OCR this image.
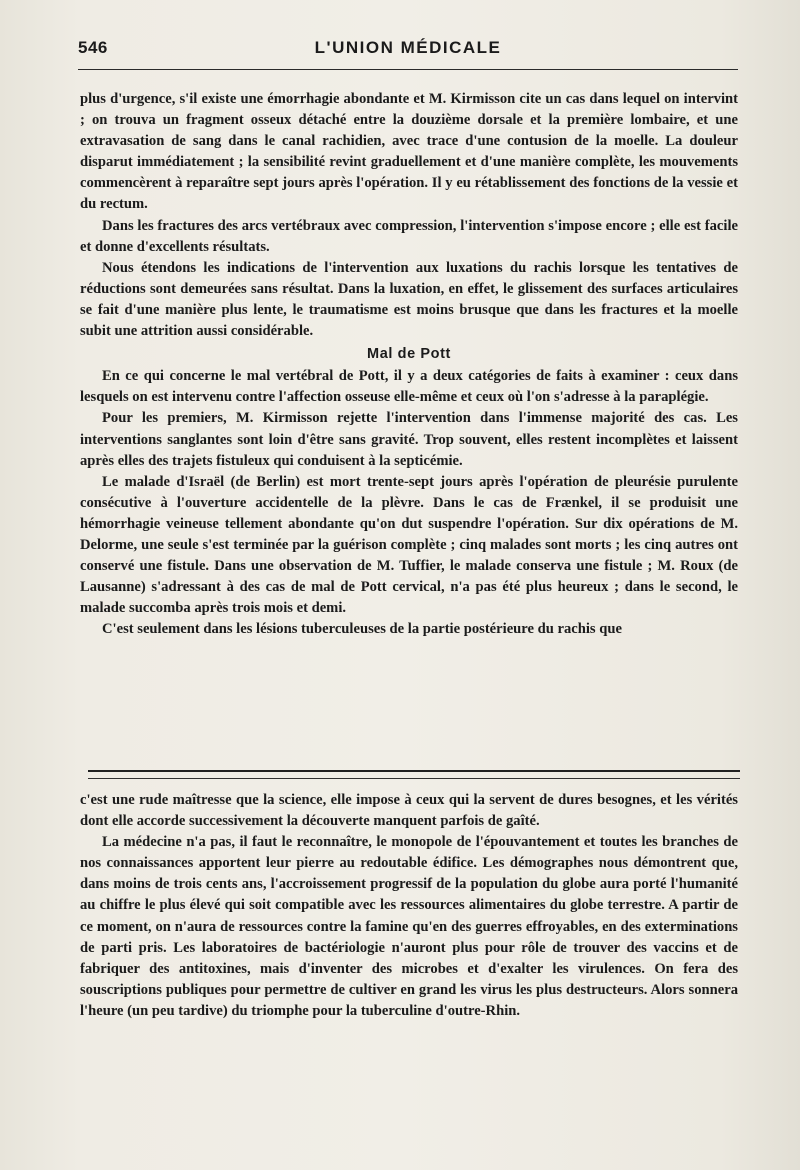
546	L'UNION MÉDICALE

plus d'urgence, s'il existe une émorrhagie abondante et M. Kirmisson cite un cas dans lequel on intervint ; on trouva un fragment osseux détaché entre la douzième dorsale et la première lombaire, et une extravasation de sang dans le canal rachidien, avec trace d'une contusion de la moelle. La douleur disparut immédiatement ; la sensibilité revint graduellement et d'une manière complète, les mouvements commencèrent à reparaître sept jours après l'opération. Il y eu rétablissement des fonctions de la vessie et du rectum.

Dans les fractures des arcs vertébraux avec compression, l'intervention s'impose encore ; elle est facile et donne d'excellents résultats.

Nous étendons les indications de l'intervention aux luxations du rachis lorsque les tentatives de réductions sont demeurées sans résultat. Dans la luxation, en effet, le glissement des surfaces articulaires se fait d'une manière plus lente, le traumatisme est moins brusque que dans les fractures et la moelle subit une attrition aussi considérable.

Mal de Pott

En ce qui concerne le mal vertébral de Pott, il y a deux catégories de faits à examiner : ceux dans lesquels on est intervenu contre l'affection osseuse elle-même et ceux où l'on s'adresse à la paraplégie.

Pour les premiers, M. Kirmisson rejette l'intervention dans l'immense majorité des cas. Les interventions sanglantes sont loin d'être sans gravité. Trop souvent, elles restent incomplètes et laissent après elles des trajets fistuleux qui conduisent à la septicémie.

Le malade d'Israël (de Berlin) est mort trente-sept jours après l'opération de pleurésie purulente consécutive à l'ouverture accidentelle de la plèvre. Dans le cas de Frænkel, il se produisit une hémorrhagie veineuse tellement abondante qu'on dut suspendre l'opération. Sur dix opérations de M. Delorme, une seule s'est terminée par la guérison complète ; cinq malades sont morts ; les cinq autres ont conservé une fistule. Dans une observation de M. Tuffier, le malade conserva une fistule ; M. Roux (de Lausanne) s'adressant à des cas de mal de Pott cervical, n'a pas été plus heureux ; dans le second, le malade succomba après trois mois et demi.

C'est seulement dans les lésions tuberculeuses de la partie postérieure du rachis que

c'est une rude maîtresse que la science, elle impose à ceux qui la servent de dures besognes, et les vérités dont elle accorde successivement la découverte manquent parfois de gaîté.

La médecine n'a pas, il faut le reconnaître, le monopole de l'épouvantement et toutes les branches de nos connaissances apportent leur pierre au redoutable édifice. Les démographes nous démontrent que, dans moins de trois cents ans, l'accroissement progressif de la population du globe aura porté l'humanité au chiffre le plus élevé qui soit compatible avec les ressources alimentaires du globe terrestre. A partir de ce moment, on n'aura de ressources contre la famine qu'en des guerres effroyables, en des exterminations de parti pris. Les laboratoires de bactériologie n'auront plus pour rôle de trouver des vaccins et de fabriquer des antitoxines, mais d'inventer des microbes et d'exalter les virulences. On fera des souscriptions publiques pour permettre de cultiver en grand les virus les plus destructeurs. Alors sonnera l'heure (un peu tardive) du triomphe pour la tuberculine d'outre-Rhin.
